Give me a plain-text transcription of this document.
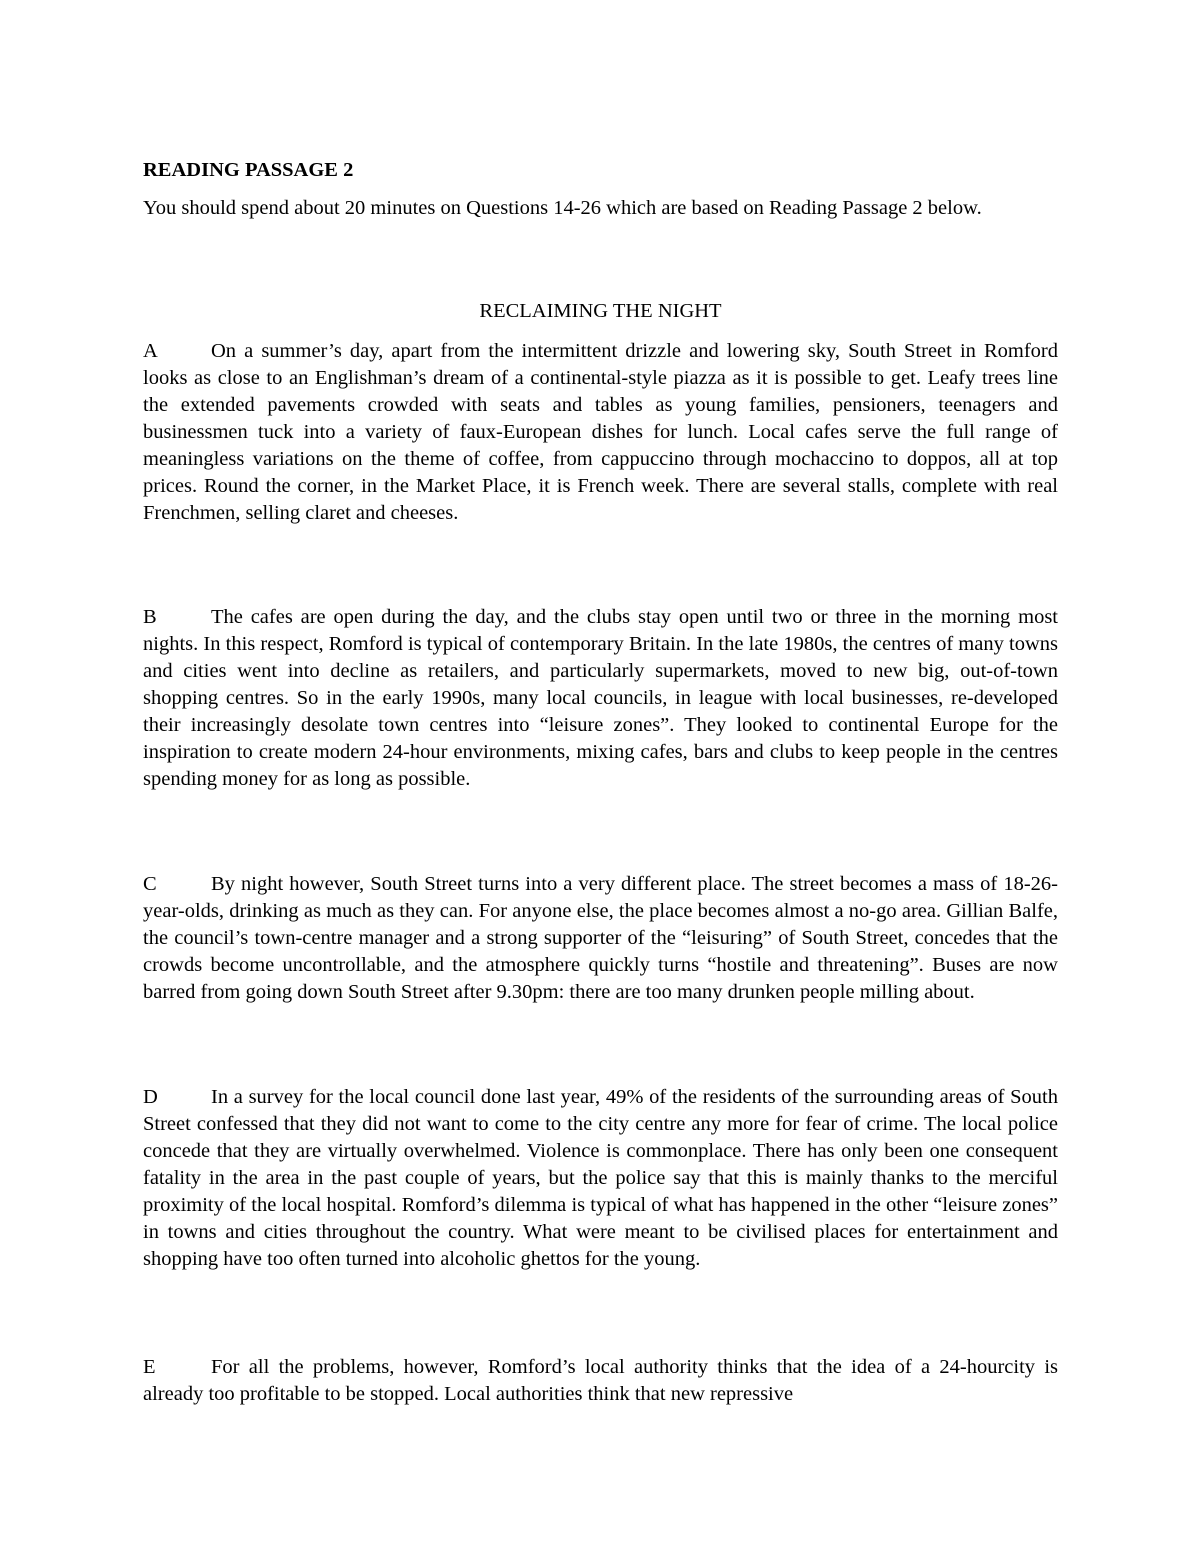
READING PASSAGE 2

You should spend about 20 minutes on Questions 14-26 which are based on Reading Passage 2 below.

RECLAIMING THE NIGHT

A	On a summer’s day, apart from the intermittent drizzle and lowering sky, South Street in Romford looks as close to an Englishman’s dream of a continental-style piazza as it is possible to get. Leafy trees line the extended pavements crowded with seats and tables as young families, pensioners, teenagers and businessmen tuck into a variety of faux-European dishes for lunch. Local cafes serve the full range of meaningless variations on the theme of coffee, from cappuccino through mochaccino to doppos, all at top prices. Round the corner, in the Market Place, it is French week. There are several stalls, complete with real Frenchmen, selling claret and cheeses.

B	The cafes are open during the day, and the clubs stay open until two or three in the morning most nights. In this respect, Romford is typical of contemporary Britain. In the late 1980s, the centres of many towns and cities went into decline as retailers, and particularly supermarkets, moved to new big, out-of-town shopping centres. So in the early 1990s, many local councils, in league with local businesses, re-developed their increasingly desolate town centres into “leisure zones”. They looked to continental Europe for the inspiration to create modern 24-hour environments, mixing cafes, bars and clubs to keep people in the centres spending money for as long as possible.

C	By night however, South Street turns into a very different place. The street becomes a mass of 18-26-year-olds, drinking as much as they can. For anyone else, the place becomes almost a no-go area. Gillian Balfe, the council’s town-centre manager and a strong supporter of the “leisuring” of South Street, concedes that the crowds become uncontrollable, and the atmosphere quickly turns “hostile and threatening”. Buses are now barred from going down South Street after 9.30pm: there are too many drunken people milling about.

D	In a survey for the local council done last year, 49% of the residents of the surrounding areas of South Street confessed that they did not want to come to the city centre any more for fear of crime. The local police concede that they are virtually overwhelmed. Violence is commonplace. There has only been one consequent fatality in the area in the past couple of years, but the police say that this is mainly thanks to the merciful proximity of the local hospital. Romford’s dilemma is typical of what has happened in the other “leisure zones” in towns and cities throughout the country. What were meant to be civilised places for entertainment and shopping have too often turned into alcoholic ghettos for the young.

E	For all the problems, however, Romford’s local authority thinks that the idea of a 24-hourcity is already too profitable to be stopped. Local authorities think that new repressive
